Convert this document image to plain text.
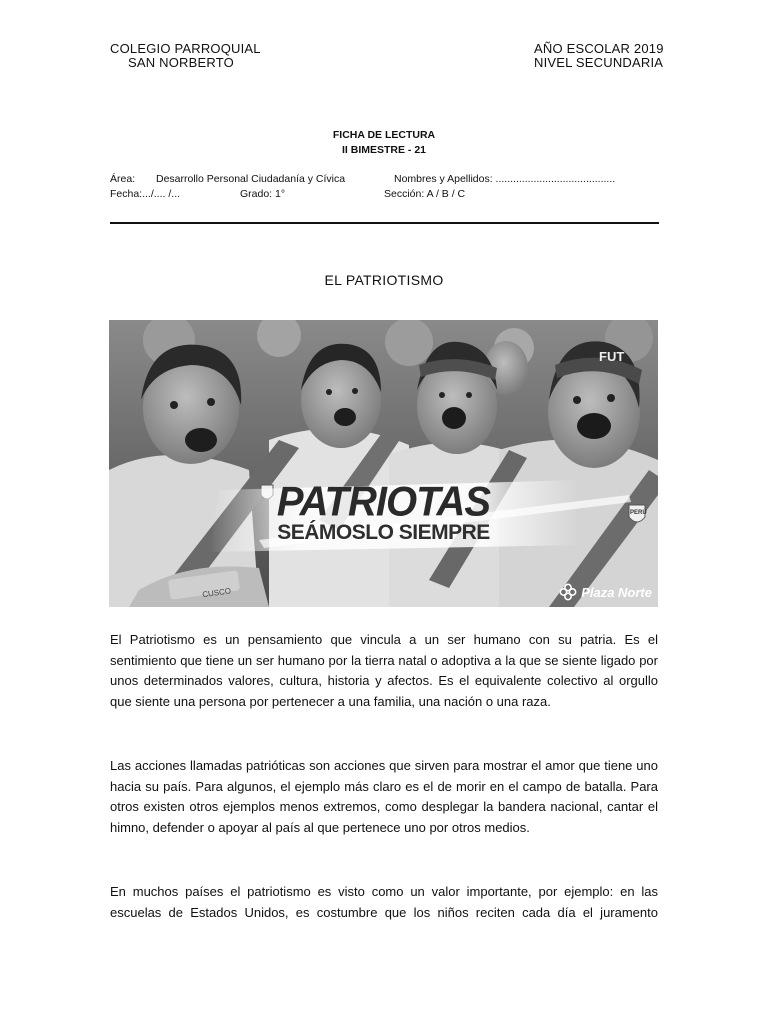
COLEGIO PARROQUIAL
SAN NORBERTO
AÑO ESCOLAR 2019
NIVEL SECUNDARIA
FICHA DE LECTURA
II BIMESTRE - 21
Área: Desarrollo Personal Ciudadanía y Cívica	Nombres y Apellidos: .........................................
Fecha:.../.... /...	Grado: 1°	Sección: A / B / C
EL PATRIOTISMO
FUT
PERU
CUSCO
PATRIOTAS
SEÁMOSLO SIEMPRE
Plaza Norte

El Patriotismo es un pensamiento que vincula a un ser humano con su patria. Es el sentimiento que tiene un ser humano por la tierra natal o adoptiva a la que se siente ligado por unos determinados valores, cultura, historia y afectos. Es el equivalente colectivo al orgullo que siente una persona por pertenecer a una familia, una nación o una raza.

Las acciones llamadas patrióticas son acciones que sirven para mostrar el amor que tiene uno hacia su país. Para algunos, el ejemplo más claro es el de morir en el campo de batalla. Para otros existen otros ejemplos menos extremos, como desplegar la bandera nacional, cantar el himno, defender o apoyar al país al que pertenece uno por otros medios.

En muchos países el patriotismo es visto como un valor importante, por ejemplo: en las escuelas de Estados Unidos, es costumbre que los niños reciten cada día el juramento
